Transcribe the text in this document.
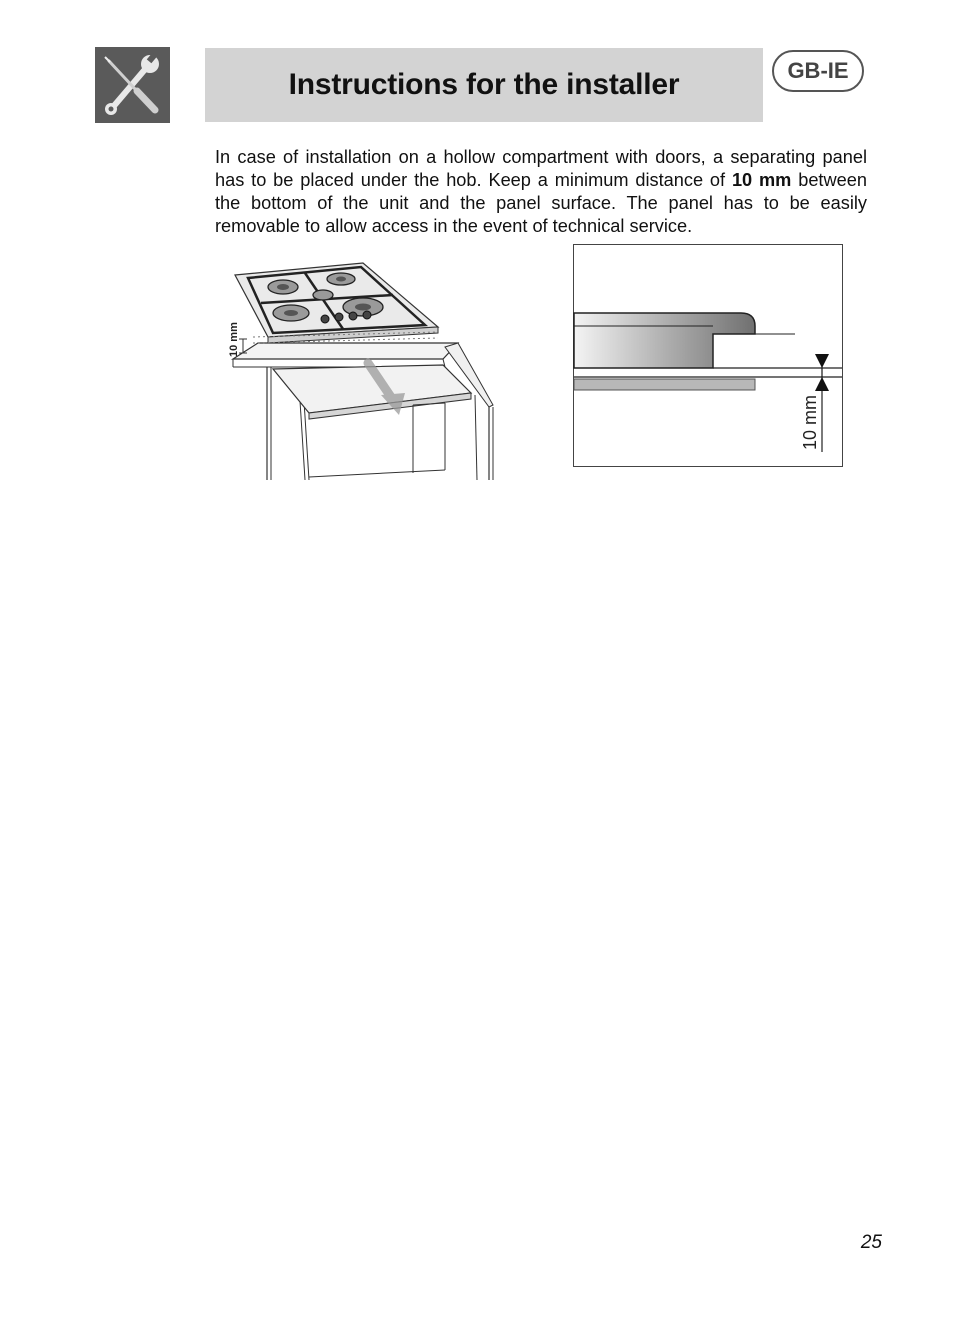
Instructions for the installer	GB-IE
In case of installation on a hollow compartment with doors, a separating panel has to be placed under the hob. Keep a minimum distance of 10 mm between the bottom of the unit and the panel surface. The panel has to be easily removable to allow access in the event of technical service.
10 mm
10 mm
25
